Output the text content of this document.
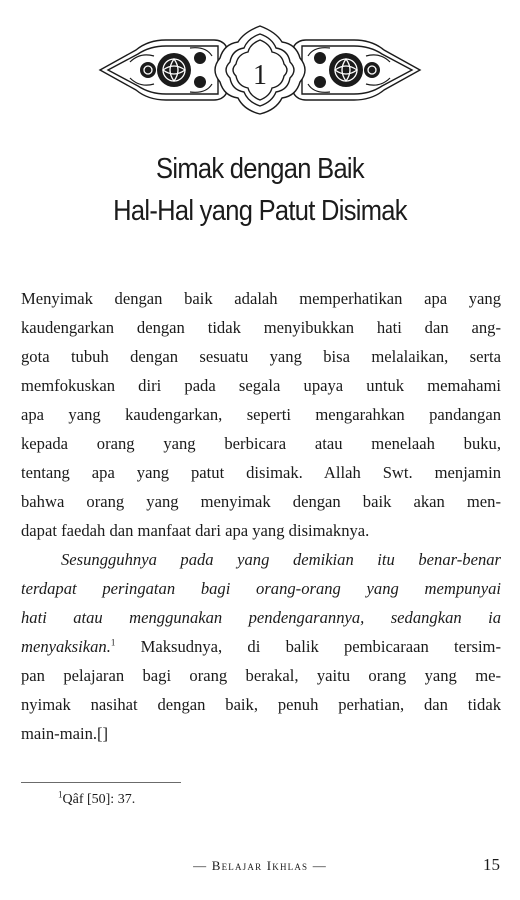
1
Simak dengan Baik
Hal-Hal yang Patut Disimak

Menyimak dengan baik adalah memperhatikan apa yang
kaudengarkan dengan tidak menyibukkan hati dan ang-
gota tubuh dengan sesuatu yang bisa melalaikan, serta
memfokuskan diri pada segala upaya untuk memahami
apa yang kaudengarkan, seperti mengarahkan pandangan
kepada orang yang berbicara atau menelaah buku,
tentang apa yang patut disimak. Allah Swt. menjamin
bahwa orang yang menyimak dengan baik akan men-
dapat faedah dan manfaat dari apa yang disimaknya.

Sesungguhnya pada yang demikian itu benar-benar
terdapat peringatan bagi orang-orang yang mempunyai
hati atau menggunakan pendengarannya, sedangkan ia
menyaksikan.$^1$ Maksudnya, di balik pembicaraan tersim-
pan pelajaran bagi orang berakal, yaitu orang yang me-
nyimak nasihat dengan baik, penuh perhatian, dan tidak
main-main.[]

$^1$Qâf [50]: 37.
— Belajar Ikhlas —	15
